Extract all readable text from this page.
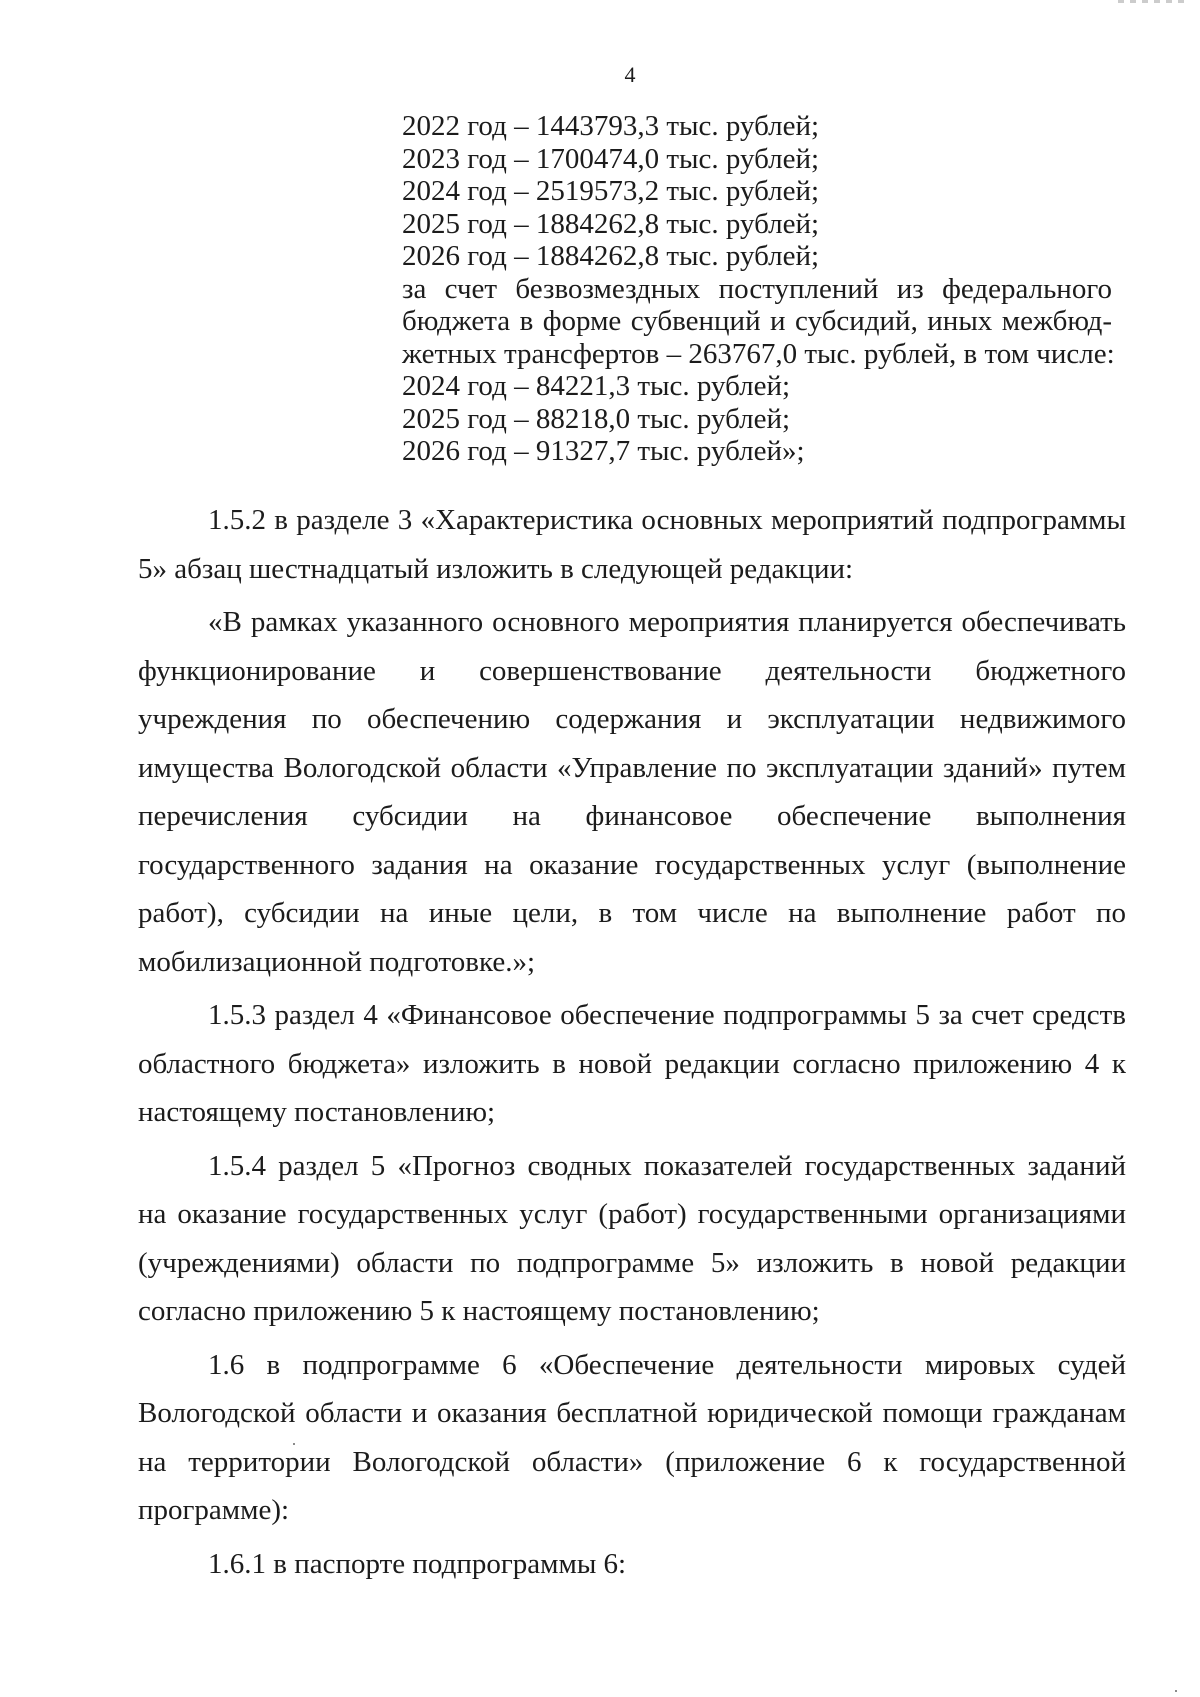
4
2022 год – 1443793,3 тыс. рублей;
2023 год – 1700474,0 тыс. рублей;
2024 год – 2519573,2 тыс. рублей;
2025 год – 1884262,8 тыс. рублей;
2026 год – 1884262,8 тыс. рублей;
за счет безвозмездных поступлений из федерального
бюджета в форме субвенций и субсидий, иных межбюд-
жетных трансфертов – 263767,0 тыс. рублей, в том числе:
2024 год – 84221,3 тыс. рублей;
2025 год – 88218,0 тыс. рублей;
2026 год – 91327,7 тыс. рублей»;

1.5.2 в разделе 3 «Характеристика основных мероприятий подпрограммы 5» абзац шестнадцатый изложить в следующей редакции:

«В рамках указанного основного мероприятия планируется обеспечивать функционирование и совершенствование деятельности бюджетного учреждения по обеспечению содержания и эксплуатации недвижимого имущества Вологодской области «Управление по эксплуатации зданий» путем перечисления субсидии на финансовое обеспечение выполнения государственного задания на оказание государственных услуг (выполнение работ), субсидии на иные цели, в том числе на выполнение работ по мобилизационной подготовке.»;

1.5.3 раздел 4 «Финансовое обеспечение подпрограммы 5 за счет средств областного бюджета» изложить в новой редакции согласно приложению 4 к настоящему постановлению;

1.5.4 раздел 5 «Прогноз сводных показателей государственных заданий на оказание государственных услуг (работ) государственными организациями (учреждениями) области по подпрограмме 5» изложить в новой редакции согласно приложению 5 к настоящему постановлению;

1.6 в подпрограмме 6 «Обеспечение деятельности мировых судей Вологодской области и оказания бесплатной юридической помощи гражданам на территории Вологодской области» (приложение 6 к государственной программе):

1.6.1 в паспорте подпрограммы 6:
